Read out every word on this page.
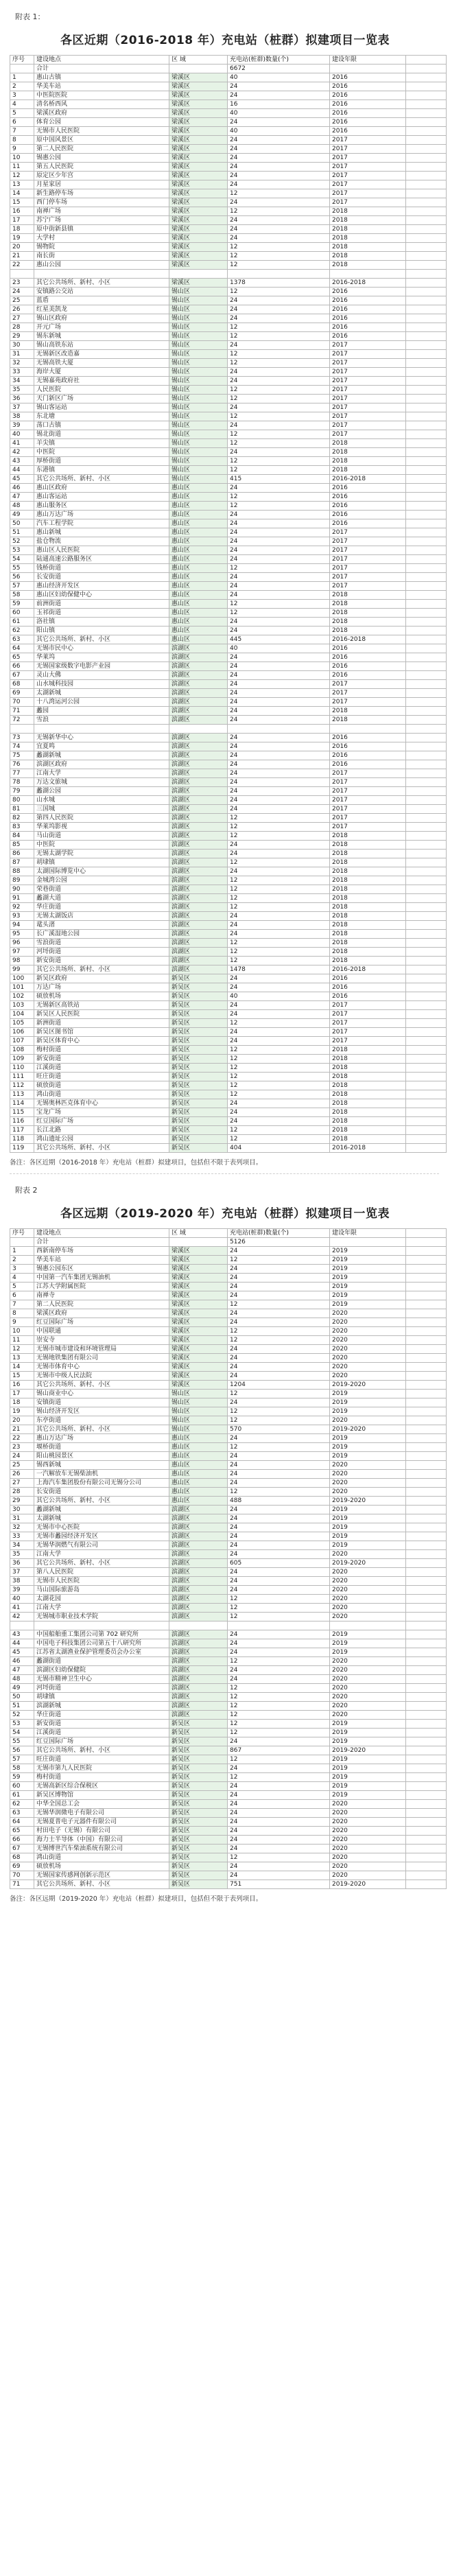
附表 1：
各区近期（2016-2018 年）充电站（桩群）拟建项目一览表
序号	建设地点	区 域	充电站(桩群)数量(个)	建设年限	
	合计		6672		
1	惠山古镇	梁溪区	40	2016	
2	华美车站	梁溪区	24	2016	
3	中医院医院	梁溪区	24	2016	
4	清名桥西风	梁溪区	16	2016	
5	梁溪区政府	梁溪区	40	2016	
6	体育公园	梁溪区	24	2016	
7	无锡市人民医院	梁溪区	40	2016	
8	原中国风景区	梁溪区	24	2017	
9	第二人民医院	梁溪区	24	2017	
10	锡惠公园	梁溪区	24	2017	
11	第五人民医院	梁溪区	24	2017	
12	原定区少年宫	梁溪区	24	2017	
13	月星家居	梁溪区	24	2017	
14	新生路停车场	梁溪区	12	2017	
15	西门停车场	梁溪区	24	2017	
16	南禅广场	梁溪区	12	2018	
17	苏宁广场	梁溪区	24	2018	
18	原中街新县镇	梁溪区	24	2018	
19	大学村	梁溪区	24	2018	
20	锡物院	梁溪区	12	2018	
21	南长街	梁溪区	12	2018	
22	惠山公园	梁溪区	12	2018	

23	其它公共场所、新村、小区	梁溪区	1378	2016-2018	
24	安镇路公交站	锡山区	12	2016	
25	蓝盾	锡山区	24	2016	
26	红星美凯龙	锡山区	24	2016	
27	锡山区政府	锡山区	24	2016	
28	开元广场	锡山区	12	2016	
29	锡东新城	锡山区	12	2016	
30	锡山高铁东站	锡山区	24	2017	
31	无锡新区改造嘉	锡山区	12	2017	
32	无锡高铁大厦	锡山区	12	2017	
33	海岸大厦	锡山区	24	2017	
34	无锡嘉苑政府社	锡山区	24	2017	
35	人民医院	锡山区	12	2017	
36	天门新区广场	锡山区	12	2017	
37	锡山客运站	锡山区	24	2017	
38	东北塘	锡山区	12	2017	
39	荡口古镇	锡山区	24	2017	
40	锡北街道	锡山区	12	2017	
41	羊尖镇	锡山区	12	2018	
42	中医院	锡山区	24	2018	
43	厚桥街道	锡山区	12	2018	
44	东港镇	锡山区	12	2018	
45	其它公共场所、新村、小区	锡山区	415	2016-2018	
46	惠山区政府	惠山区	24	2016	
47	惠山客运站	惠山区	12	2016	
48	惠山服务区	惠山区	12	2016	
49	惠山万达广场	惠山区	24	2016	
50	汽车工程学院	惠山区	24	2016	
51	惠山新城	惠山区	24	2017	
52	盐仓物流	惠山区	24	2017	
53	惠山区人民医院	惠山区	24	2017	
54	陆通高速公路服务区	惠山区	24	2017	
55	钱桥街道	惠山区	12	2017	
56	长安街道	惠山区	24	2017	
57	惠山经济开发区	惠山区	24	2017	
58	惠山区妇幼保健中心	惠山区	24	2018	
59	前洲街道	惠山区	12	2018	
60	玉祁街道	惠山区	12	2018	
61	洛社镇	惠山区	24	2018	
62	阳山镇	惠山区	24	2018	
63	其它公共场所、新村、小区	惠山区	445	2016-2018	
64	无锡市民中心	滨湖区	40	2016	
65	华莱坞	滨湖区	24	2016	
66	无锡国家级数字电影产业园	滨湖区	24	2016	
67	灵山大佛	滨湖区	24	2016	
68	山水城科技园	滨湖区	24	2017	
69	太湖新城	滨湖区	24	2017	
70	十八湾运河公园	滨湖区	24	2017	
71	蠡园	滨湖区	24	2018	
72	雪浪	滨湖区	24	2018	

73	无锡新华中心	滨湖区	24	2016	
74	宜夏鸣	滨湖区	24	2016	
75	蠡湖新城	滨湖区	24	2016	
76	滨湖区政府	滨湖区	24	2016	
77	江南大学	滨湖区	24	2017	
78	万达文旅城	滨湖区	24	2017	
79	蠡湖公园	滨湖区	24	2017	
80	山水城	滨湖区	24	2017	
81	三国城	滨湖区	24	2017	
82	第四人民医院	滨湖区	12	2017	
83	华莱坞影视	滨湖区	12	2017	
84	马山街道	滨湖区	12	2018	
85	中医院	滨湖区	24	2018	
86	无锡太湖学院	滨湖区	24	2018	
87	胡埭镇	滨湖区	12	2018	
88	太湖国际博览中心	滨湖区	24	2018	
89	金城湾公园	滨湖区	12	2018	
90	荣巷街道	滨湖区	12	2018	
91	蠡湖大道	滨湖区	12	2018	
92	华庄街道	滨湖区	12	2018	
93	无锡太湖饭店	滨湖区	24	2018	
94	鼋头渚	滨湖区	24	2018	
95	长广溪湿地公园	滨湖区	24	2018	
96	雪浪街道	滨湖区	12	2018	
97	河埒街道	滨湖区	12	2018	
98	新安街道	滨湖区	12	2018	
99	其它公共场所、新村、小区	滨湖区	1478	2016-2018	
100	新吴区政府	新吴区	24	2016	
101	万达广场	新吴区	24	2016	
102	硕放机场	新吴区	40	2016	
103	无锡新区高铁站	新吴区	24	2017	
104	新吴区人民医院	新吴区	24	2017	
105	新洲街道	新吴区	12	2017	
106	新吴区图书馆	新吴区	24	2017	
107	新吴区体育中心	新吴区	24	2017	
108	梅村街道	新吴区	12	2018	
109	新安街道	新吴区	12	2018	
110	江溪街道	新吴区	12	2018	
111	旺庄街道	新吴区	12	2018	
112	硕放街道	新吴区	12	2018	
113	鸿山街道	新吴区	12	2018	
114	无锡奥林匹克体育中心	新吴区	24	2018	
115	宝龙广场	新吴区	24	2018	
116	红豆国际广场	新吴区	24	2018	
117	长江北路	新吴区	12	2018	
118	鸿山遗址公园	新吴区	12	2018	
119	其它公共场所、新村、小区	新吴区	404	2016-2018	
备注：各区近期（2016-2018 年）充电站（桩群）拟建项目，包括但不限于表列项目。
附表 2
各区远期（2019-2020 年）充电站（桩群）拟建项目一览表
序号	建设地点	区 域	充电站(桩群)数量(个)	建设年限	
	合计		5126		
1	西新南停车场	梁溪区	24	2019	
2	华美车站	梁溪区	12	2019	
3	锡惠公园东区	梁溪区	24	2019	
4	中国第一汽车集团无锡油机	梁溪区	24	2019	
5	江苏大学附属医院	梁溪区	24	2019	
6	南禅寺	梁溪区	24	2019	
7	第二人民医院	梁溪区	12	2019	
8	梁溪区政府	梁溪区	24	2020	
9	红豆国际广场	梁溪区	24	2020	
10	中国联通	梁溪区	12	2020	
11	崇安寺	梁溪区	12	2020	
12	无锡市城市建设和环境管理局	梁溪区	24	2020	
13	无锡地铁集团有限公司	梁溪区	24	2020	
14	无锡市体育中心	梁溪区	24	2020	
15	无锡市中级人民法院	梁溪区	24	2020	
16	其它公共场所、新村、小区	梁溪区	1204	2019-2020	
17	锡山商业中心	锡山区	12	2019	
18	安镇街道	锡山区	24	2019	
19	锡山经济开发区	锡山区	12	2019	
20	东亭街道	锡山区	12	2020	
21	其它公共场所、新村、小区	锡山区	570	2019-2020	
22	惠山万达广场	惠山区	24	2019	
23	堰桥街道	惠山区	12	2019	
24	阳山桃园景区	惠山区	24	2019	
25	锡西新城	惠山区	24	2020	
26	一汽解放车无锡柴油机	惠山区	24	2020	
27	上海汽车集团股份有限公司无锡分公司	惠山区	24	2020	
28	长安街道	惠山区	12	2020	
29	其它公共场所、新村、小区	惠山区	488	2019-2020	
30	蠡湖新城	滨湖区	24	2019	
31	太湖新城	滨湖区	24	2019	
32	无锡市中心医院	滨湖区	24	2019	
33	无锡市蠡园经济开发区	滨湖区	24	2019	
34	无锡华润燃气有限公司	滨湖区	24	2019	
35	江南大学	滨湖区	24	2020	
36	其它公共场所、新村、小区	滨湖区	605	2019-2020	
37	第八人民医院	滨湖区	24	2020	
38	无锡市人民医院	滨湖区	24	2020	
39	马山国际旅游岛	滨湖区	24	2020	
40	太湖花园	滨湖区	12	2020	
41	江南大学	滨湖区	12	2020	
42	无锡城市职业技术学院	滨湖区	12	2020	

43	中国船舶重工集团公司第 702 研究所	滨湖区	24	2019	
44	中国电子科技集团公司第五十八研究所	滨湖区	24	2019	
45	江苏省太湖渔业保护管理委员会办公室	滨湖区	24	2019	
46	蠡湖街道	滨湖区	12	2020	
47	滨湖区妇幼保健院	滨湖区	24	2020	
48	无锡市精神卫生中心	滨湖区	24	2020	
49	河埒街道	滨湖区	12	2020	
50	胡埭镇	滨湖区	12	2020	
51	滨湖新城	滨湖区	12	2020	
52	华庄街道	滨湖区	12	2020	
53	新安街道	新吴区	12	2019	
54	江溪街道	新吴区	12	2019	
55	红豆国际广场	新吴区	24	2019	
56	其它公共场所、新村、小区	新吴区	867	2019-2020	
57	旺庄街道	新吴区	12	2019	
58	无锡市第九人民医院	新吴区	24	2019	
59	梅村街道	新吴区	12	2019	
60	无锡高新区综合保税区	新吴区	24	2019	
61	新吴区博物馆	新吴区	24	2019	
62	中华全国总工会	新吴区	24	2020	
63	无锡华润微电子有限公司	新吴区	24	2020	
64	无锡夏普电子元器件有限公司	新吴区	24	2020	
65	村田电子（无锡）有限公司	新吴区	24	2020	
66	海力士半导体（中国）有限公司	新吴区	24	2020	
67	无锡博世汽车柴油系统有限公司	新吴区	24	2020	
68	鸿山街道	新吴区	12	2020	
69	硕放机场	新吴区	24	2020	
70	无锡国家传感网创新示范区	新吴区	24	2020	
71	其它公共场所、新村、小区	新吴区	751	2019-2020	
备注：各区远期（2019-2020 年）充电站（桩群）拟建项目，包括但不限于表列项目。
